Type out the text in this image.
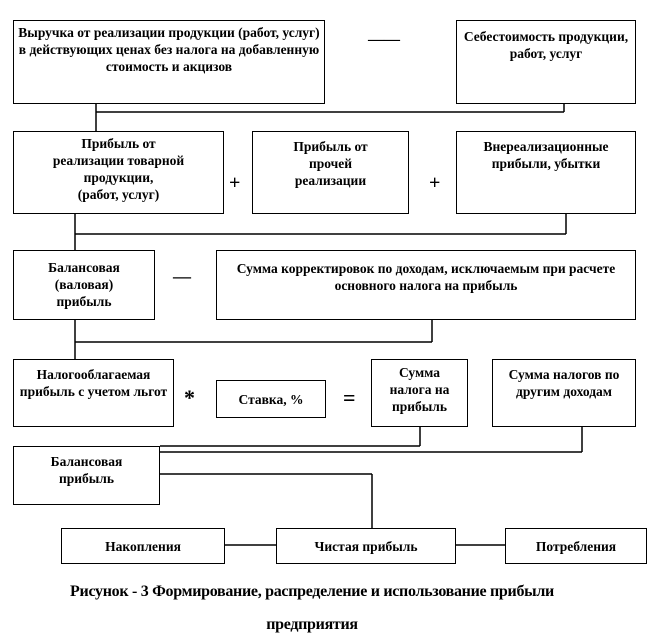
Выручка от реализации продукции (работ, услуг) в действующих ценах без налога на добавленную стоимость и акцизов
Себестоимость продукции, работ, услуг
Прибыль от
реализации товарной продукции,
(работ, услуг)
Прибыль от
прочей
реализации
Внереализационные прибыли, убытки
Балансовая
(валовая)
прибыль
Сумма корректировок по доходам, исключаемым при расчете основного налога на прибыль
Налогооблагаемая прибыль с учетом льгот	Ставка, %
Сумма
налога на
прибыль
Сумма налогов по другим доходам
Балансовая
прибыль
Накопления	Чистая прибыль	Потребления
——
+	+
—
*	=
Рисунок - 3 Формирование, распределение и использование прибыли
предприятия
